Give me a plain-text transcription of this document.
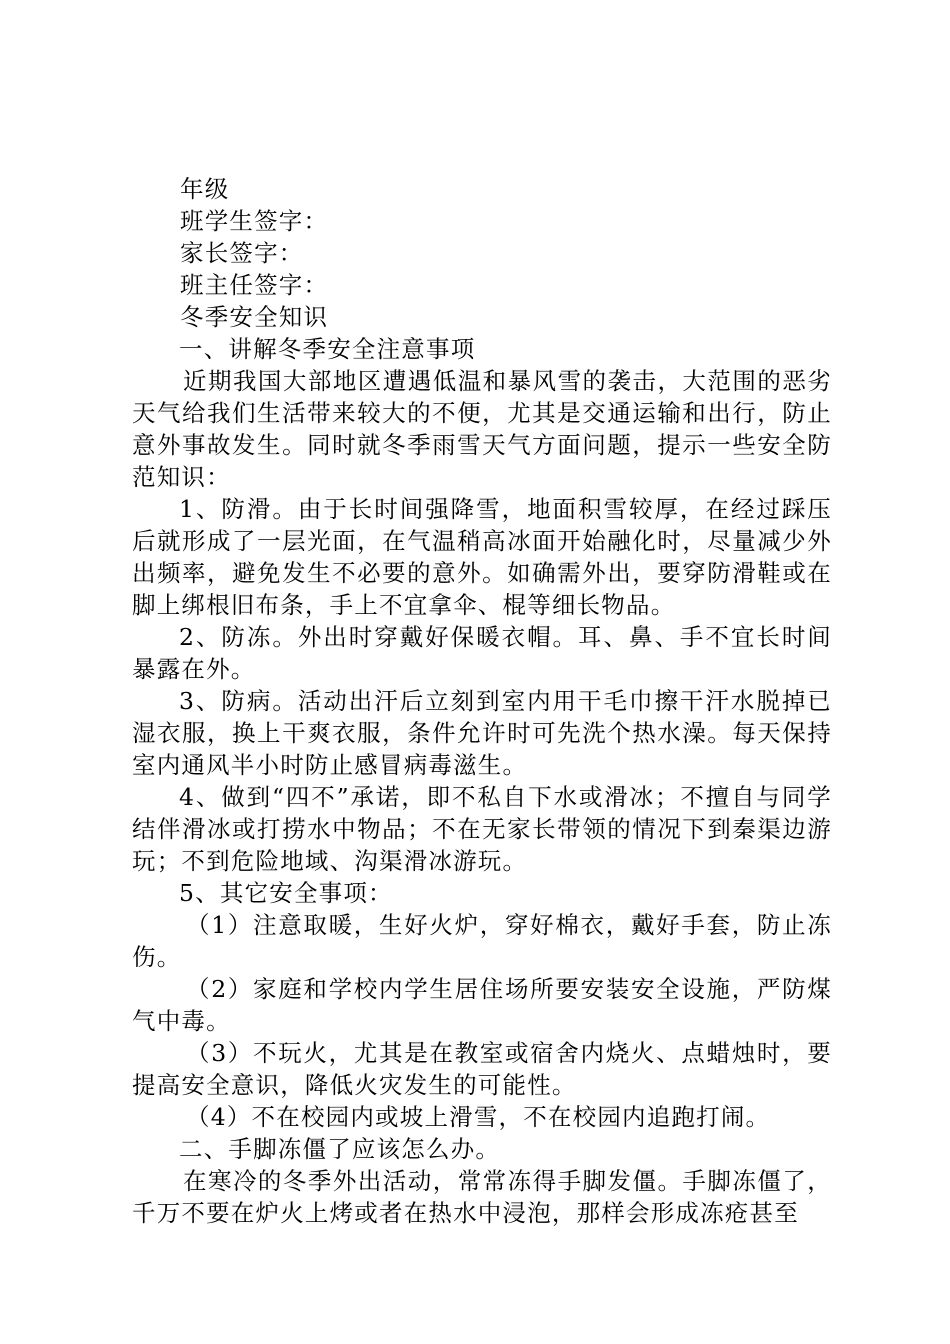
年级
班学生签字：
家长签字：
班主任签字：
冬季安全知识
一、讲解冬季安全注意事项
近期我国大部地区遭遇低温和暴风雪的袭击，大范围的恶劣天气给我们生活带来较大的不便，尤其是交通运输和出行，防止意外事故发生。同时就冬季雨雪天气方面问题，提示一些安全防范知识：
1、防滑。由于长时间强降雪，地面积雪较厚，在经过踩压后就形成了一层光面，在气温稍高冰面开始融化时，尽量减少外出频率，避免发生不必要的意外。如确需外出，要穿防滑鞋或在脚上绑根旧布条，手上不宜拿伞、棍等细长物品。
2、防冻。外出时穿戴好保暖衣帽。耳、鼻、手不宜长时间暴露在外。
3、防病。活动出汗后立刻到室内用干毛巾擦干汗水脱掉已湿衣服，换上干爽衣服，条件允许时可先洗个热水澡。每天保持室内通风半小时防止感冒病毒滋生。
4、做到“四不”承诺，即不私自下水或滑冰；不擅自与同学结伴滑冰或打捞水中物品；不在无家长带领的情况下到秦渠边游玩；不到危险地域、沟渠滑冰游玩。
5、其它安全事项：
（1）注意取暖，生好火炉，穿好棉衣，戴好手套，防止冻伤。
（2）家庭和学校内学生居住场所要安装安全设施，严防煤气中毒。
（3）不玩火，尤其是在教室或宿舍内烧火、点蜡烛时，要提高安全意识，降低火灾发生的可能性。
（4）不在校园内或坡上滑雪，不在校园内追跑打闹。
二、手脚冻僵了应该怎么办。
在寒冷的冬季外出活动，常常冻得手脚发僵。手脚冻僵了，千万不要在炉火上烤或者在热水中浸泡，那样会形成冻疮甚至
